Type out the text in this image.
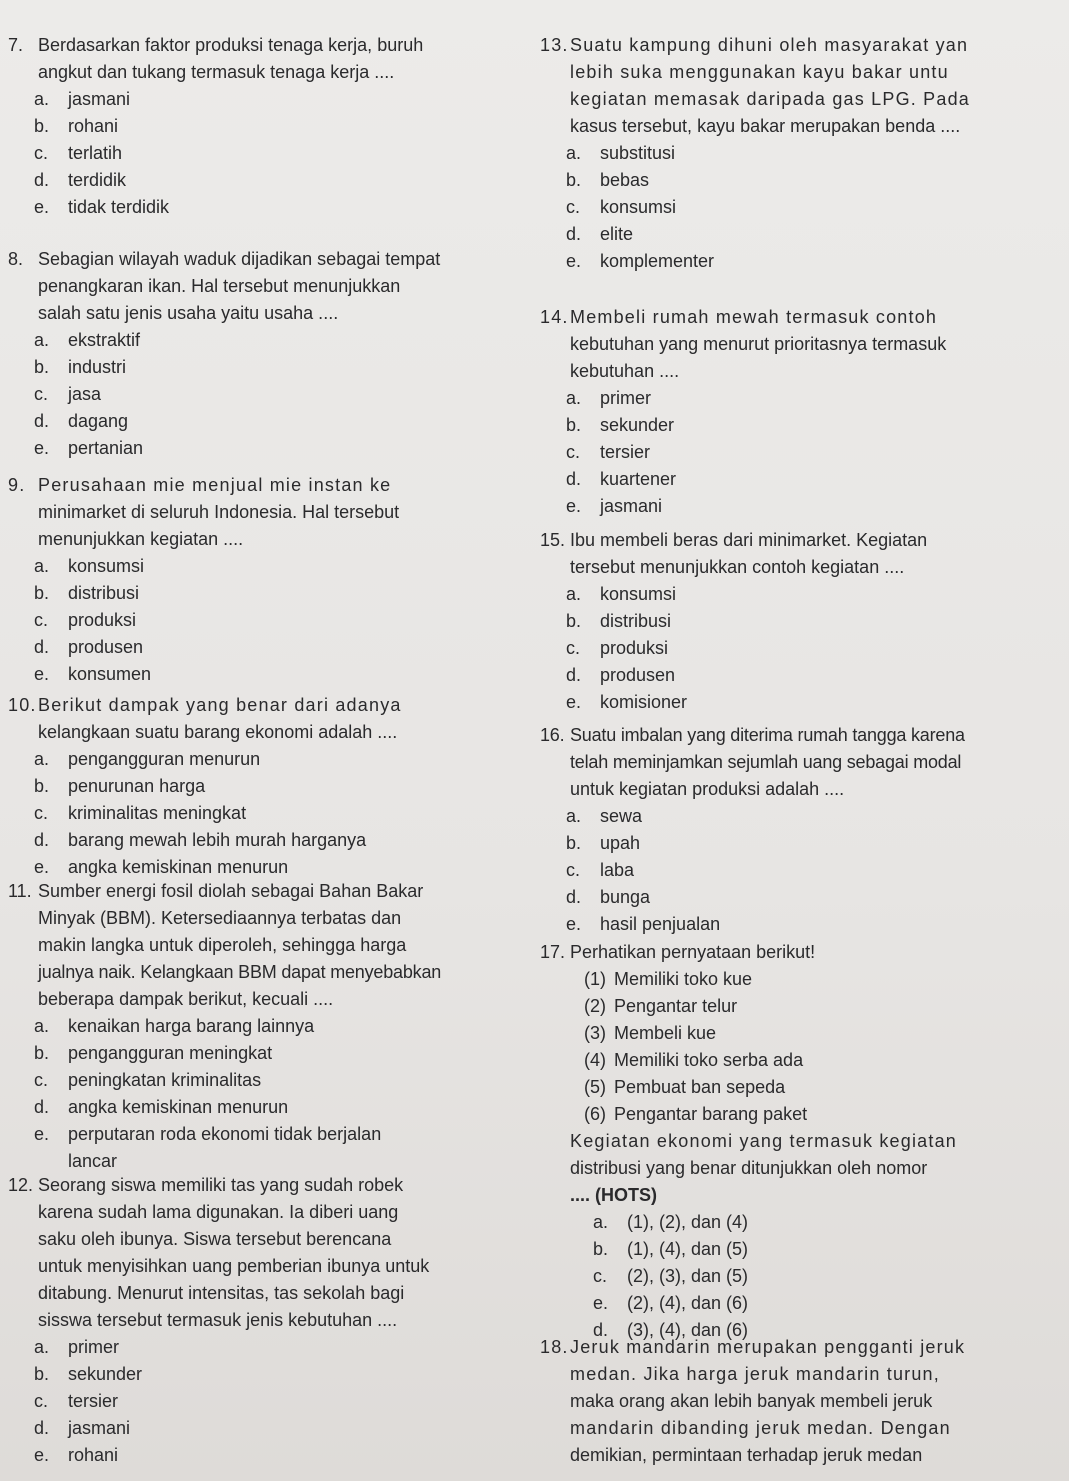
7. Berdasarkan faktor produksi tenaga kerja, buruh
angkut dan tukang termasuk tenaga kerja ....
a. jasmani
b. rohani
c. terlatih
d. terdidik
e. tidak terdidik
8. Sebagian wilayah waduk dijadikan sebagai tempat
penangkaran ikan. Hal tersebut menunjukkan
salah satu jenis usaha yaitu usaha ....
a. ekstraktif
b. industri
c. jasa
d. dagang
e. pertanian
9. Perusahaan mie menjual mie instan ke
minimarket di seluruh Indonesia. Hal tersebut
menunjukkan kegiatan ....
a. konsumsi
b. distribusi
c. produksi
d. produsen
e. konsumen
10.Berikut dampak yang benar dari adanya
kelangkaan suatu barang ekonomi adalah ....
a. pengangguran menurun
b. penurunan harga
c. kriminalitas meningkat
d. barang mewah lebih murah harganya
e. angka kemiskinan menurun
11. Sumber energi fosil diolah sebagai Bahan Bakar
Minyak (BBM). Ketersediaannya terbatas dan
makin langka untuk diperoleh, sehingga harga
jualnya naik. Kelangkaan BBM dapat menyebabkan
beberapa dampak berikut, kecuali ....
a. kenaikan harga barang lainnya
b. pengangguran meningkat
c. peningkatan kriminalitas
d. angka kemiskinan menurun
e. perputaran roda ekonomi tidak berjalan
lancar
12. Seorang siswa memiliki tas yang sudah robek
karena sudah lama digunakan. Ia diberi uang
saku oleh ibunya. Siswa tersebut berencana
untuk menyisihkan uang pemberian ibunya untuk
ditabung. Menurut intensitas, tas sekolah bagi
sisswa tersebut termasuk jenis kebutuhan ....
a. primer
b. sekunder
c. tersier
d. jasmani
e. rohani
13.Suatu kampung dihuni oleh masyarakat yan
lebih suka menggunakan kayu bakar untu
kegiatan memasak daripada gas LPG. Pada
kasus tersebut, kayu bakar merupakan benda ....
a. substitusi
b. bebas
c. konsumsi
d. elite
e. komplementer
14.Membeli rumah mewah termasuk contoh
kebutuhan yang menurut prioritasnya termasuk
kebutuhan ....
a. primer
b. sekunder
c. tersier
d. kuartener
e. jasmani
15. Ibu membeli beras dari minimarket. Kegiatan
tersebut menunjukkan contoh kegiatan ....
a. konsumsi
b. distribusi
c. produksi
d. produsen
e. komisioner
16. Suatu imbalan yang diterima rumah tangga karena
telah meminjamkan sejumlah uang sebagai modal
untuk kegiatan produksi adalah ....
a. sewa
b. upah
c. laba
d. bunga
e. hasil penjualan
17. Perhatikan pernyataan berikut!
(1) Memiliki toko kue
(2) Pengantar telur
(3) Membeli kue
(4) Memiliki toko serba ada
(5) Pembuat ban sepeda
(6) Pengantar barang paket
Kegiatan ekonomi yang termasuk kegiatan
distribusi yang benar ditunjukkan oleh nomor
.... (HOTS)
a. (1), (2), dan (4)
b. (1), (4), dan (5)
c. (2), (3), dan (5)
e. (2), (4), dan (6)
d. (3), (4), dan (6)
18.Jeruk mandarin merupakan pengganti jeruk
medan. Jika harga jeruk mandarin turun,
maka orang akan lebih banyak membeli jeruk
mandarin dibanding jeruk medan. Dengan
demikian, permintaan terhadap jeruk medan
